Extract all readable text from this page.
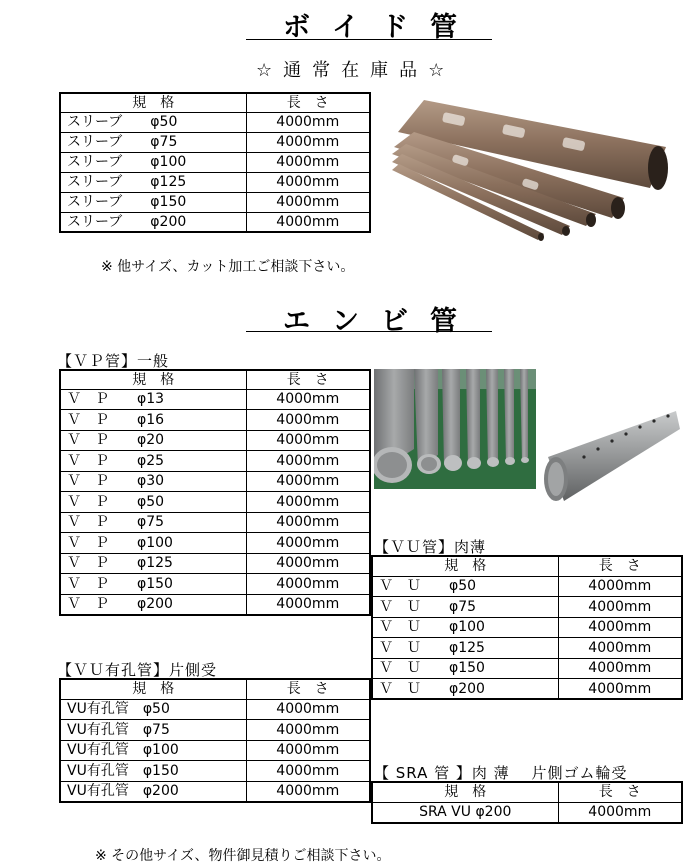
ボイド管
☆通常在庫品☆
規　格	長　さ
スリーブ　　φ50	4000mm
スリーブ　　φ75	4000mm
スリーブ　　φ100	4000mm
スリーブ　　φ125	4000mm
スリーブ　　φ150	4000mm
スリーブ　　φ200	4000mm
※ 他サイズ、カット加工ご相談下さい。
エンビ管
【ＶＰ管】一般
規　格	長　さ
Ｖ　Ｐ　　φ13	4000mm
Ｖ　Ｐ　　φ16	4000mm
Ｖ　Ｐ　　φ20	4000mm
Ｖ　Ｐ　　φ25	4000mm
Ｖ　Ｐ　　φ30	4000mm
Ｖ　Ｐ　　φ50	4000mm
Ｖ　Ｐ　　φ75	4000mm
Ｖ　Ｐ　　φ100	4000mm
Ｖ　Ｐ　　φ125	4000mm
Ｖ　Ｐ　　φ150	4000mm
Ｖ　Ｐ　　φ200	4000mm
【ＶＵ管】肉薄
規　格	長　さ
Ｖ　Ｕ　　φ50	4000mm
Ｖ　Ｕ　　φ75	4000mm
Ｖ　Ｕ　　φ100	4000mm
Ｖ　Ｕ　　φ125	4000mm
Ｖ　Ｕ　　φ150	4000mm
Ｖ　Ｕ　　φ200	4000mm
【ＶＵ有孔管】片側受
規　格	長　さ
VU有孔管　φ50	4000mm
VU有孔管　φ75	4000mm
VU有孔管　φ100	4000mm
VU有孔管　φ150	4000mm
VU有孔管　φ200	4000mm
【 SRA 管 】肉 薄　 片側ゴム輪受
規　格	長　さ
SRA VU φ200	4000mm
※ その他サイズ、物件御見積りご相談下さい。
